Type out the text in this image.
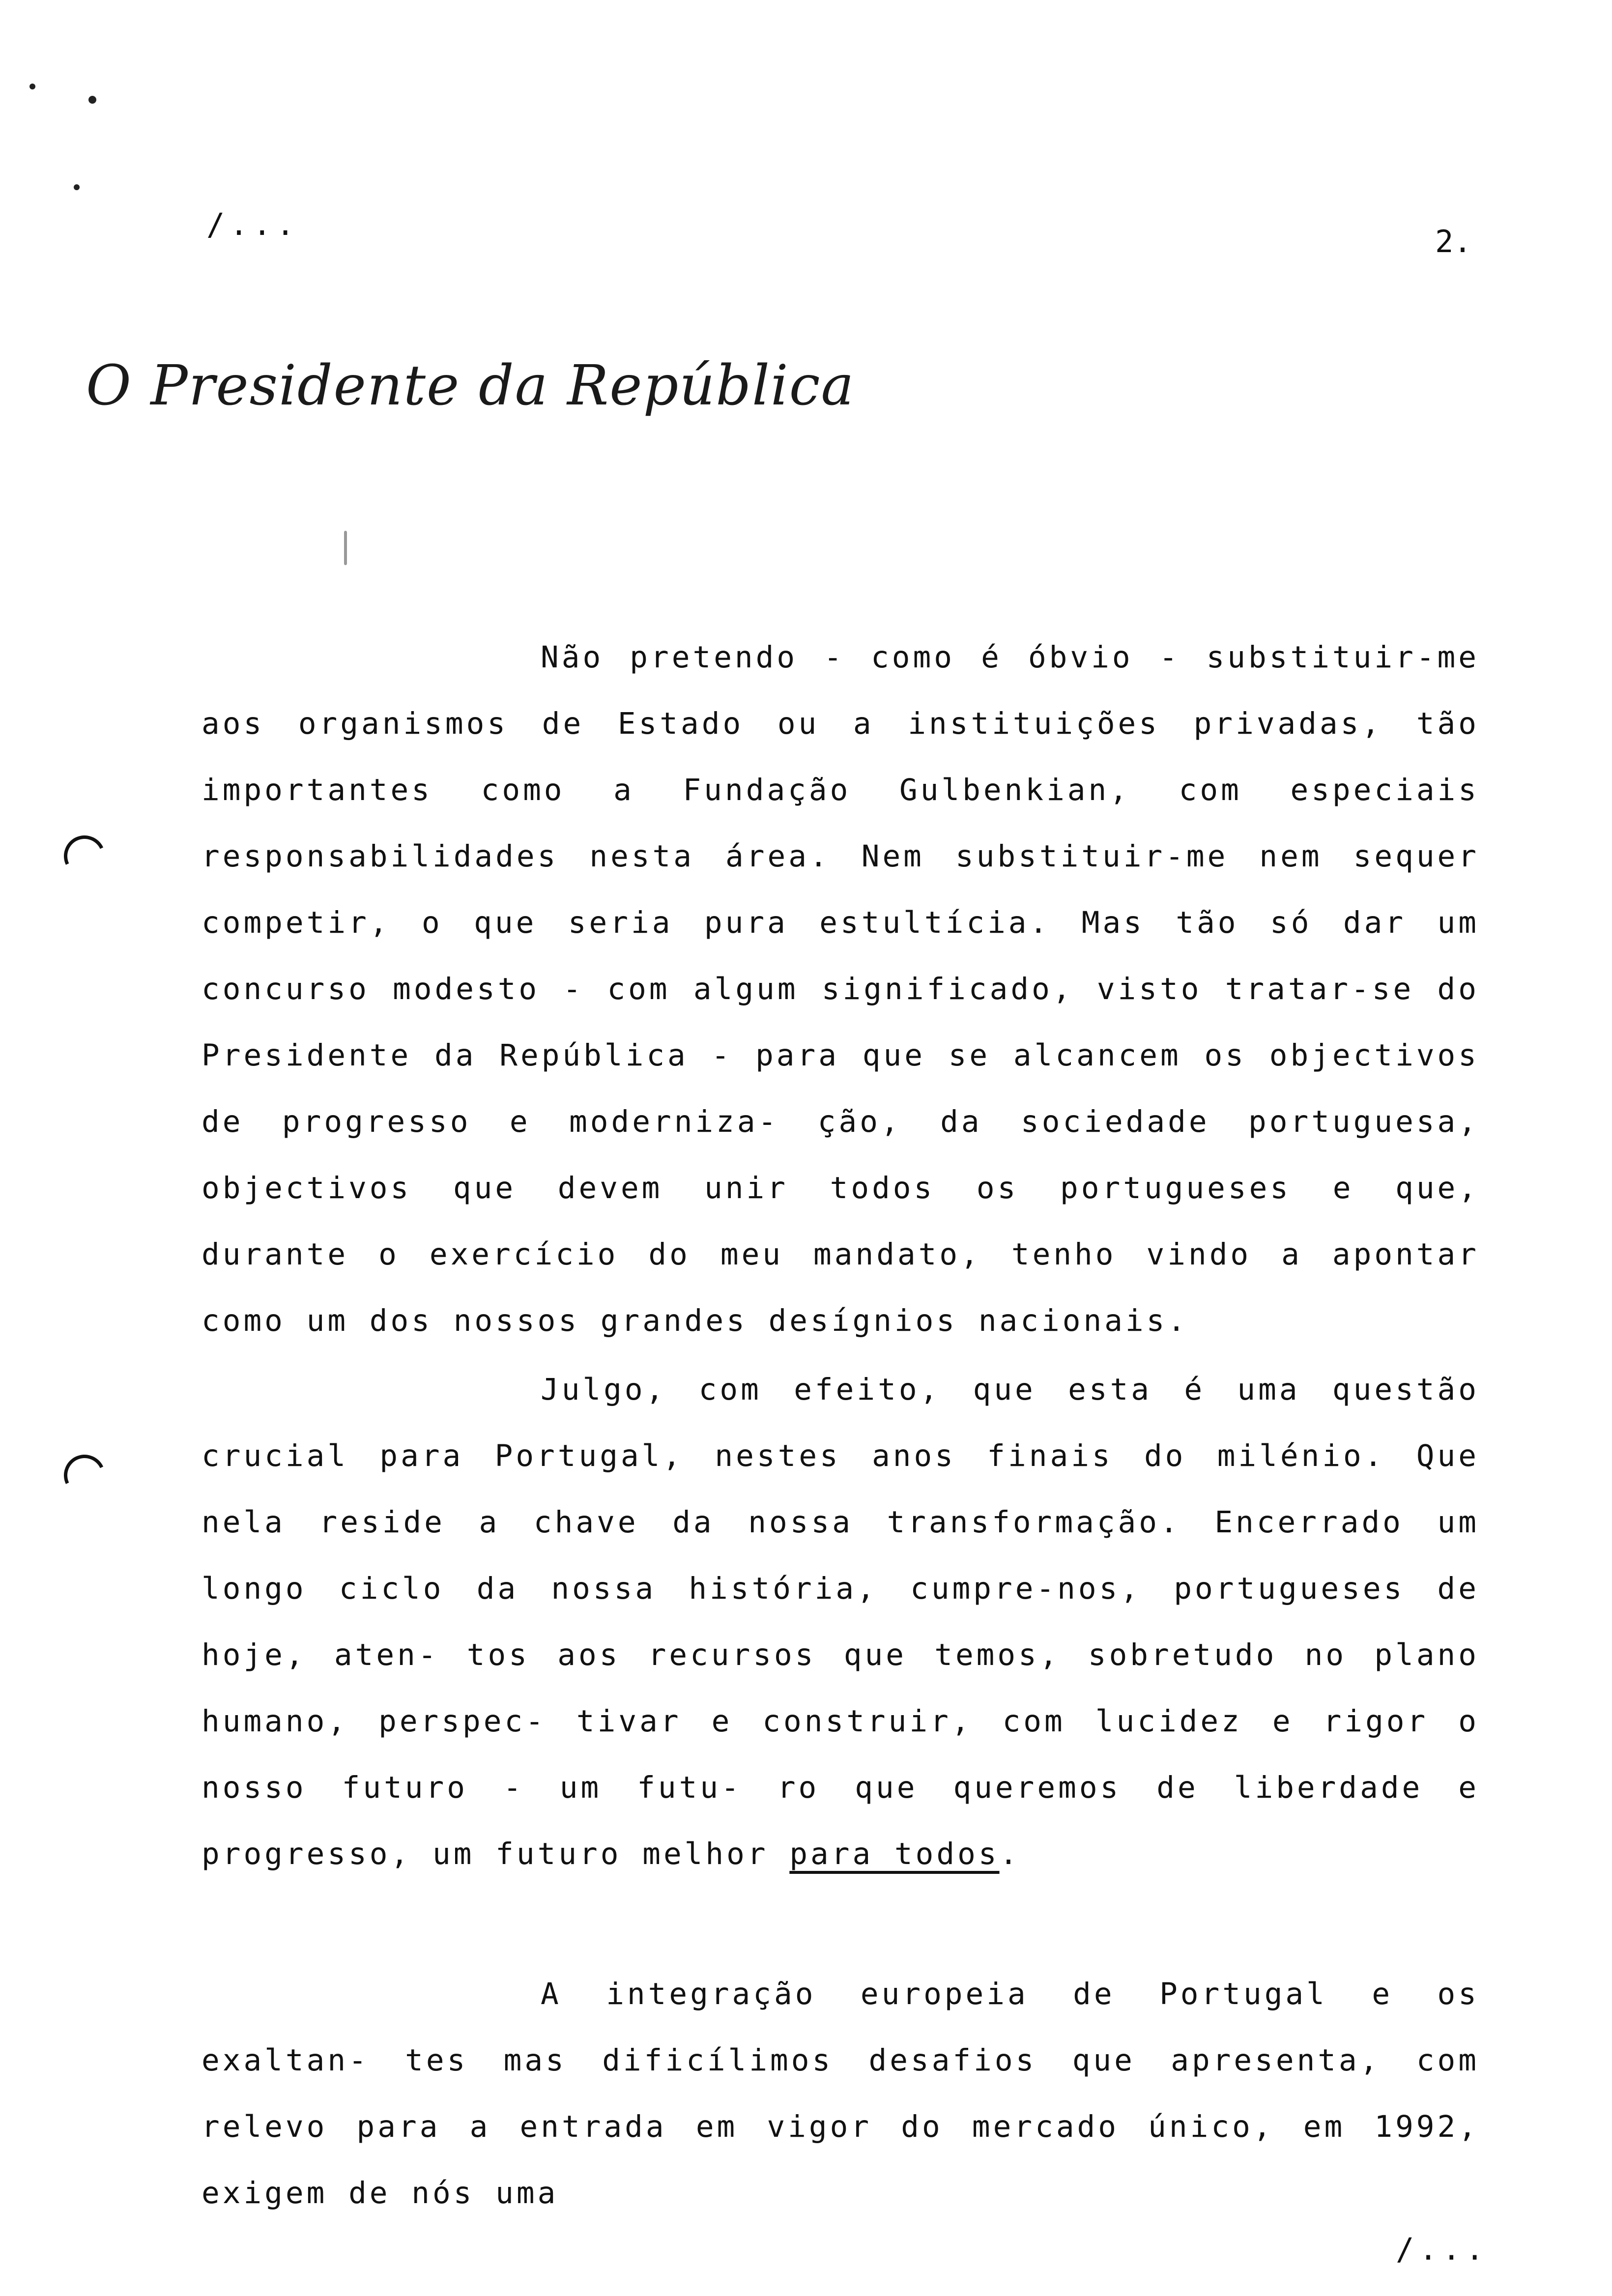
/...	2.
O Presidente da República

Não pretendo - como é óbvio - substituir-me aos organismos de Estado ou a instituições privadas, tão importantes como a Fundação Gulbenkian, com especiais responsabilidades nesta área. Nem substituir-me nem sequer competir, o que seria pura estultícia. Mas tão só dar um concurso modesto - com algum significado, visto tratar-se do Presidente da República - para que se alcancem os objectivos de progresso e moderniza- ção, da sociedade portuguesa, objectivos que devem unir todos os portugueses e que, durante o exercício do meu mandato, tenho vindo a apontar como um dos nossos grandes desígnios nacionais.

Julgo, com efeito, que esta é uma questão crucial para Portugal, nestes anos finais do milénio. Que nela reside a chave da nossa transformação. Encerrado um longo ciclo da nossa história, cumpre-nos, portugueses de hoje, aten- tos aos recursos que temos, sobretudo no plano humano, perspec- tivar e construir, com lucidez e rigor o nosso futuro - um futu- ro que queremos de liberdade e progresso, um futuro melhor para todos.

A integração europeia de Portugal e os exaltan- tes mas dificílimos desafios que apresenta, com relevo para a entrada em vigor do mercado único, em 1992, exigem de nós uma

/...
